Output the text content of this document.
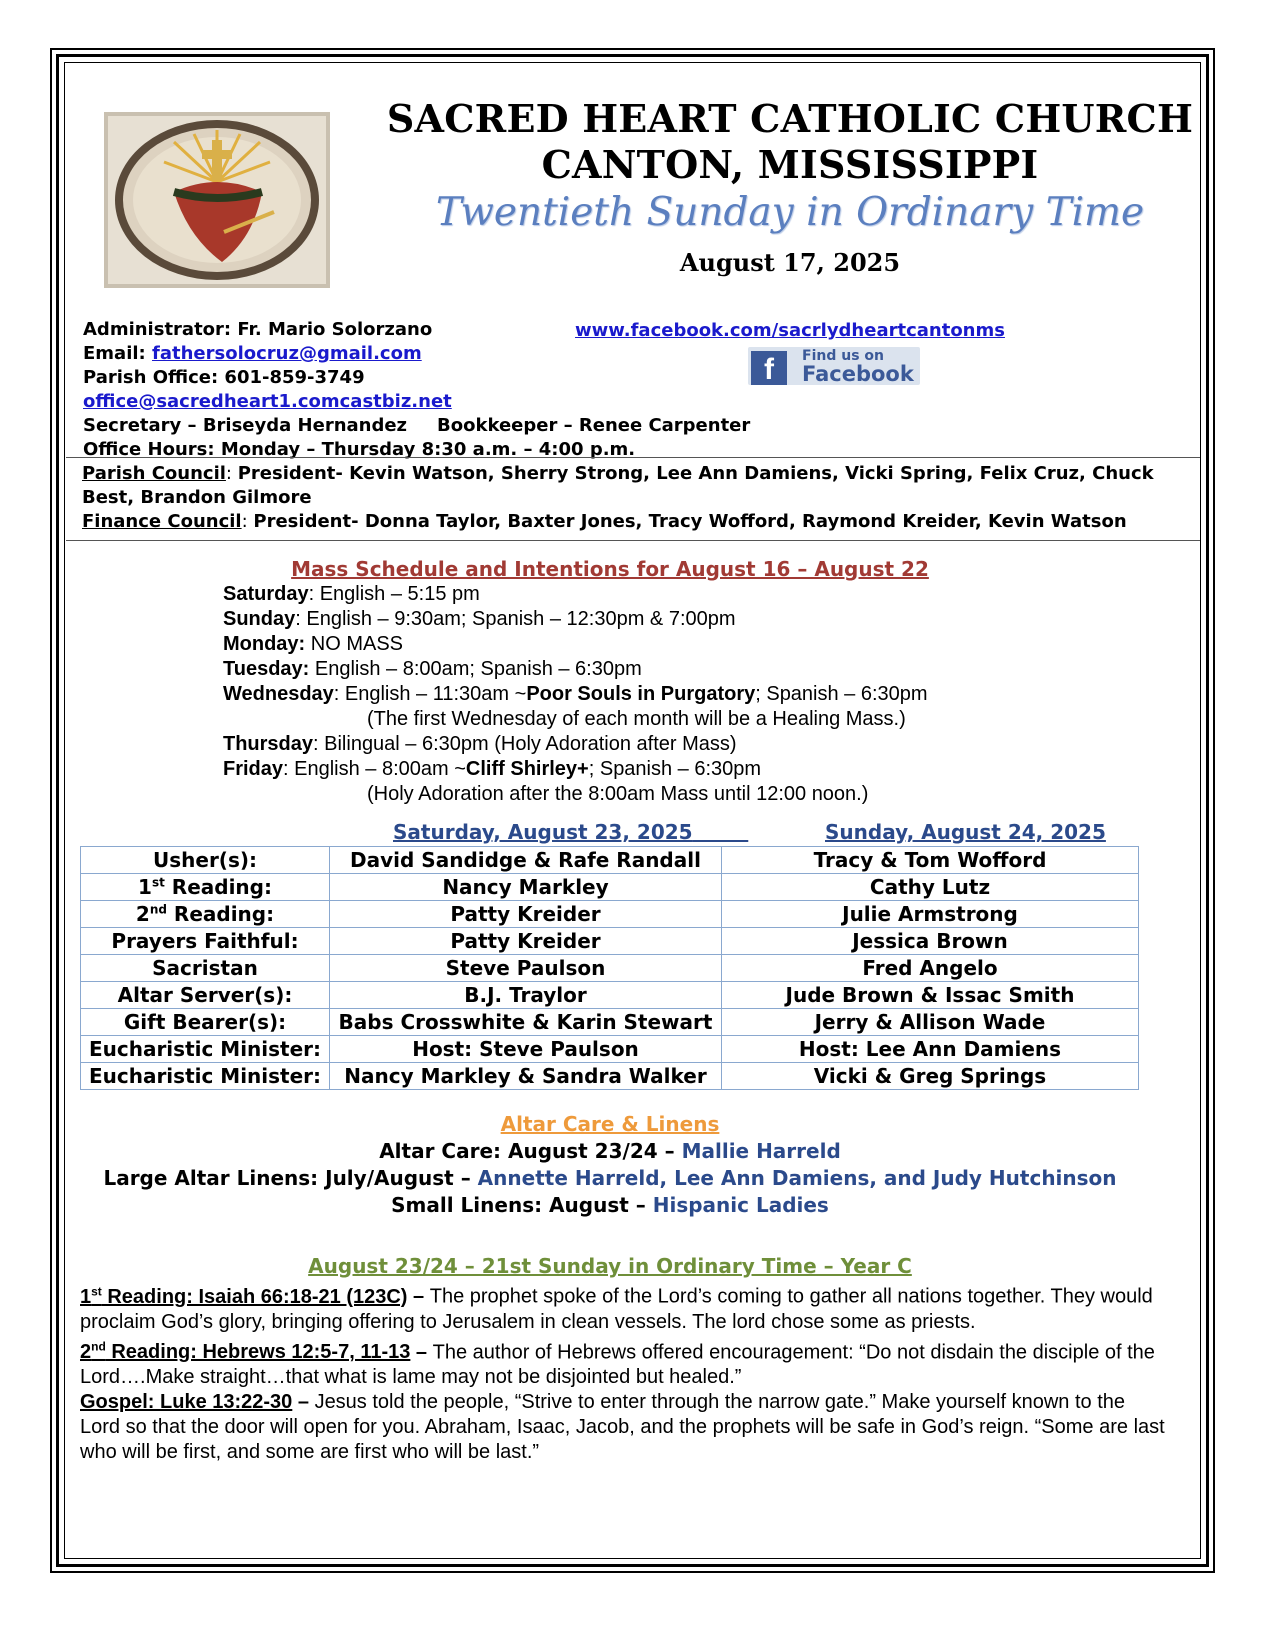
SACRED HEART CATHOLIC CHURCH
CANTON, MISSISSIPPI
Twentieth Sunday in Ordinary Time
August 17, 2025
Administrator: Fr. Mario Solorzano
Email: fathersolocruz@gmail.com
Parish Office: 601-859-3749
office@sacredheart1.comcastbiz.net
Secretary – Briseyda Hernandez Bookkeeper – Renee Carpenter
Office Hours: Monday – Thursday 8:30 a.m. – 4:00 p.m.
www.facebook.com/sacrlydheartcantonms
f	Find us on
Facebook
Parish Council: President- Kevin Watson, Sherry Strong, Lee Ann Damiens, Vicki Spring, Felix Cruz, Chuck Best, Brandon Gilmore
Finance Council: President- Donna Taylor, Baxter Jones, Tracy Wofford, Raymond Kreider, Kevin Watson
Mass Schedule and Intentions for August 16 – August 22
Saturday: English – 5:15 pm
Sunday: English – 9:30am; Spanish – 12:30pm & 7:00pm
Monday: NO MASS
Tuesday: English – 8:00am; Spanish – 6:30pm
Wednesday: English – 11:30am ~Poor Souls in Purgatory; Spanish – 6:30pm
(The first Wednesday of each month will be a Healing Mass.)
Thursday: Bilingual – 6:30pm (Holy Adoration after Mass)
Friday: English – 8:00am ~Cliff Shirley+; Spanish – 6:30pm
(Holy Adoration after the 8:00am Mass until 12:00 noon.)
Saturday, August 23, 2025	Sunday, August 24, 2025
Usher(s):	David Sandidge & Rafe Randall	Tracy & Tom Wofford
1st Reading:	Nancy Markley	Cathy Lutz
2nd Reading:	Patty Kreider	Julie Armstrong
Prayers Faithful:	Patty Kreider	Jessica Brown
Sacristan	Steve Paulson	Fred Angelo
Altar Server(s):	B.J. Traylor	Jude Brown & Issac Smith
Gift Bearer(s):	Babs Crosswhite & Karin Stewart	Jerry & Allison Wade
Eucharistic Minister:	Host: Steve Paulson	Host: Lee Ann Damiens
Eucharistic Minister:	Nancy Markley & Sandra Walker	Vicki & Greg Springs
Altar Care & Linens
Altar Care: August 23/24 – Mallie Harreld
Large Altar Linens: July/August – Annette Harreld, Lee Ann Damiens, and Judy Hutchinson
Small Linens: August – Hispanic Ladies
August 23/24 – 21st Sunday in Ordinary Time – Year C
1st Reading: Isaiah 66:18-21 (123C) – The prophet spoke of the Lord’s coming to gather all nations together. They would proclaim God’s glory, bringing offering to Jerusalem in clean vessels. The lord chose some as priests.
2nd Reading: Hebrews 12:5-7, 11-13 – The author of Hebrews offered encouragement: “Do not disdain the disciple of the Lord….Make straight…that what is lame may not be disjointed but healed.”
Gospel: Luke 13:22-30 – Jesus told the people, “Strive to enter through the narrow gate.” Make yourself known to the Lord so that the door will open for you. Abraham, Isaac, Jacob, and the prophets will be safe in God’s reign. “Some are last who will be first, and some are first who will be last.”
